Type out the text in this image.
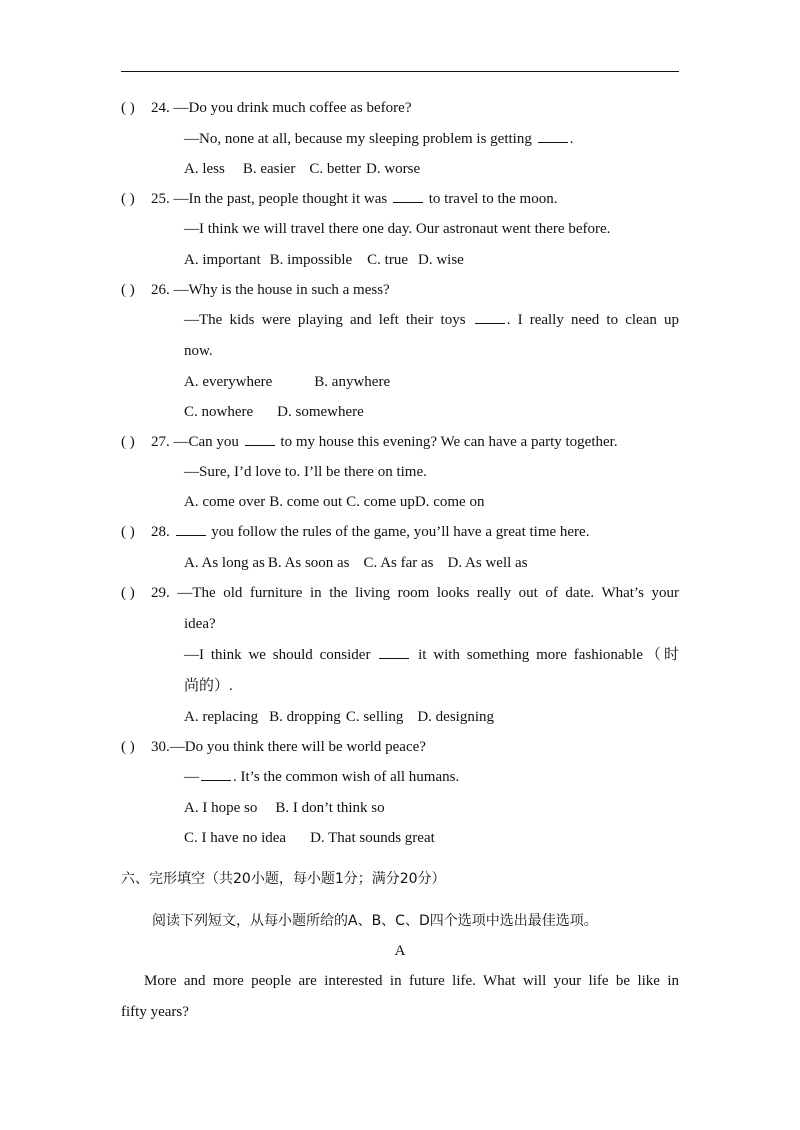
( ) 24. —Do you drink much coffee as before?
—No, none at all, because my sleeping problem is getting	.
A. less B. easier C. better D. worse
( ) 25. —In the past, people thought it was	to travel to the moon.
—I think we will travel there one day. Our astronaut went there before.
A. important B. impossible C. true D. wise
( ) 26. —Why is the house in such a mess?
—The kids were playing and left their toys	. I really need to clean up
now.
A. everywhere	B. anywhere
C. nowhere D. somewhere
( ) 27. —Can you	to my house this evening? We can have a party together.
—Sure, I’d love to. I’ll be there on time.
A. come over B. come out C. come upD. come on
( ) 28.	you follow the rules of the game, you’ll have a great time here.
A. As long as B. As soon as C. As far as D. As well as
( ) 29. —The old furniture in the living room looks really out of date. What’s your
idea?
—I think we should consider	it with something more fashionable（时
尚的）.
A. replacing B. dropping C. selling D. designing
( ) 30.—Do you think there will be world peace?
— . It’s the common wish of all humans.
A. I hope so B. I don’t think so
C. I have no idea D. That sounds great
六、完形填空（共20小题，每小题1分；满分20分）
阅读下列短文，从每小题所给的A、B、C、D四个选项中选出最佳选项。
A
More and more people are interested in future life. What will your life be like in
fifty years?
